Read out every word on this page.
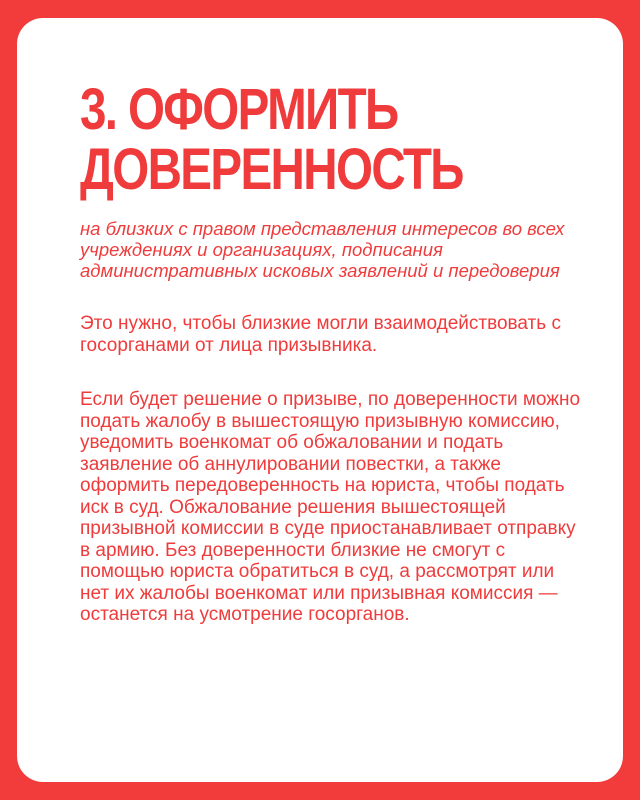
3. ОФОРМИТЬ
ДОВЕРЕННОСТЬ

на близких с правом представления интересов во всех учреждениях и организациях, подписания административных исковых заявлений и передоверия

Это нужно, чтобы близкие могли взаимодействовать с госорганами от лица призывника.

Если будет решение о призыве, по доверенности можно подать жалобу в вышестоящую призывную комиссию, уведомить военкомат об обжаловании и подать заявление об аннулировании повестки, а также оформить передоверенность на юриста, чтобы подать иск в суд. Обжалование решения вышестоящей призывной комиссии в суде приостанавливает отправку в армию. Без доверенности близкие не смогут с помощью юриста обратиться в суд, а рассмотрят или нет их жалобы военкомат или призывная комиссия — останется на усмотрение госорганов.
